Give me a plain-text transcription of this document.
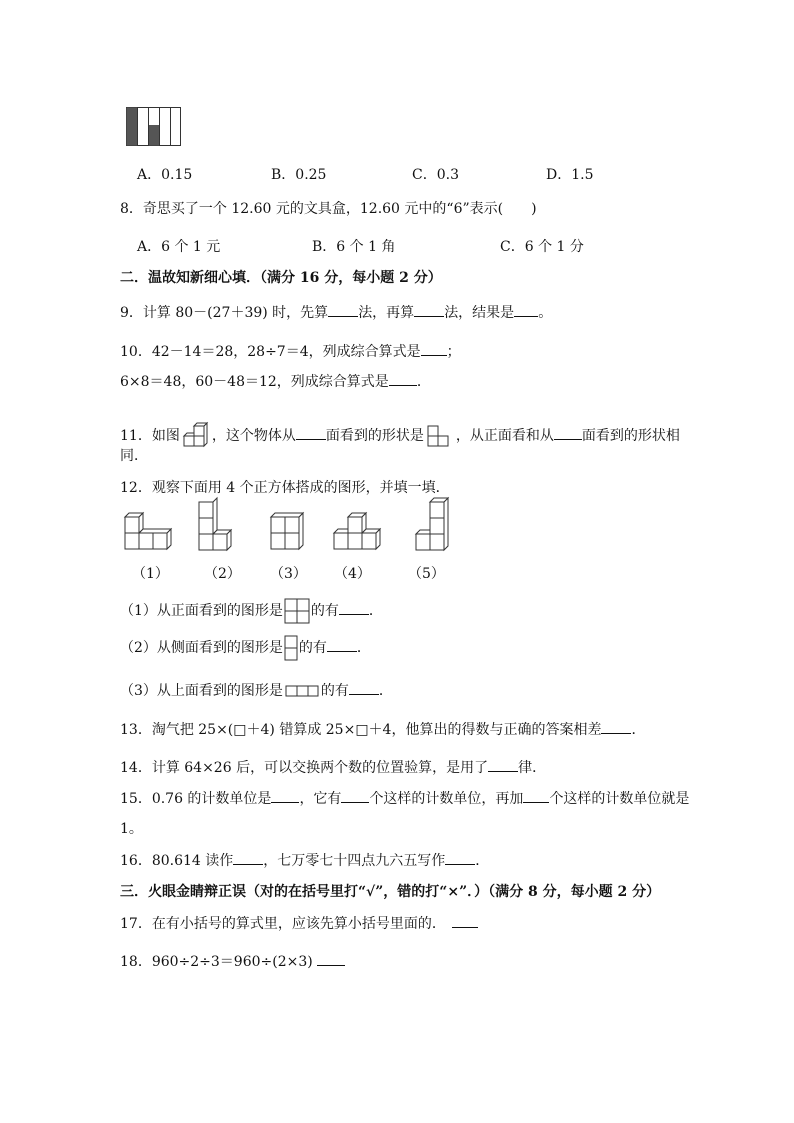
A．0.15	B．0.25	C．0.3	D．1.5
8．奇思买了一个 12.60 元的文具盒，12.60 元中的“6”表示(　　)
A．6 个 1 元	B．6 个 1 角	C．6 个 1 分
二．温故知新细心填．（满分 16 分，每小题 2 分）
9．计算 80－(27＋39) 时，先算 法，再算 法，结果是 。
10．42－14＝28，28÷7＝4，列成综合算式是 ；
6×8＝48，60－48＝12，列成综合算式是 ．
11．如图 ，这个物体从 面看到的形状是 ，从正面看和从 面看到的形状相
同．
12．观察下面用 4 个正方体搭成的图形，并填一填．
（1）	（2） （3） （4）	（5）
（1）从正面看到的图形是 的有 ．
（2）从侧面看到的图形是 的有 ．
（3）从上面看到的图形是	的有 ．
13．淘气把 25×(□＋4) 错算成 25×□＋4，他算出的得数与正确的答案相差 ．
14．计算 64×26 后，可以交换两个数的位置验算，是用了 律．
15．0.76 的计数单位是 ，它有 个这样的计数单位，再加 个这样的计数单位就是
1。
16．80.614 读作 ，七万零七十四点九六五写作 ．
三．火眼金睛辩正误（对的在括号里打“√”，错的打“×”．）（满分 8 分，每小题 2 分）
17．在有小括号的算式里，应该先算小括号里面的．
18．960÷2÷3＝960÷(2×3)
